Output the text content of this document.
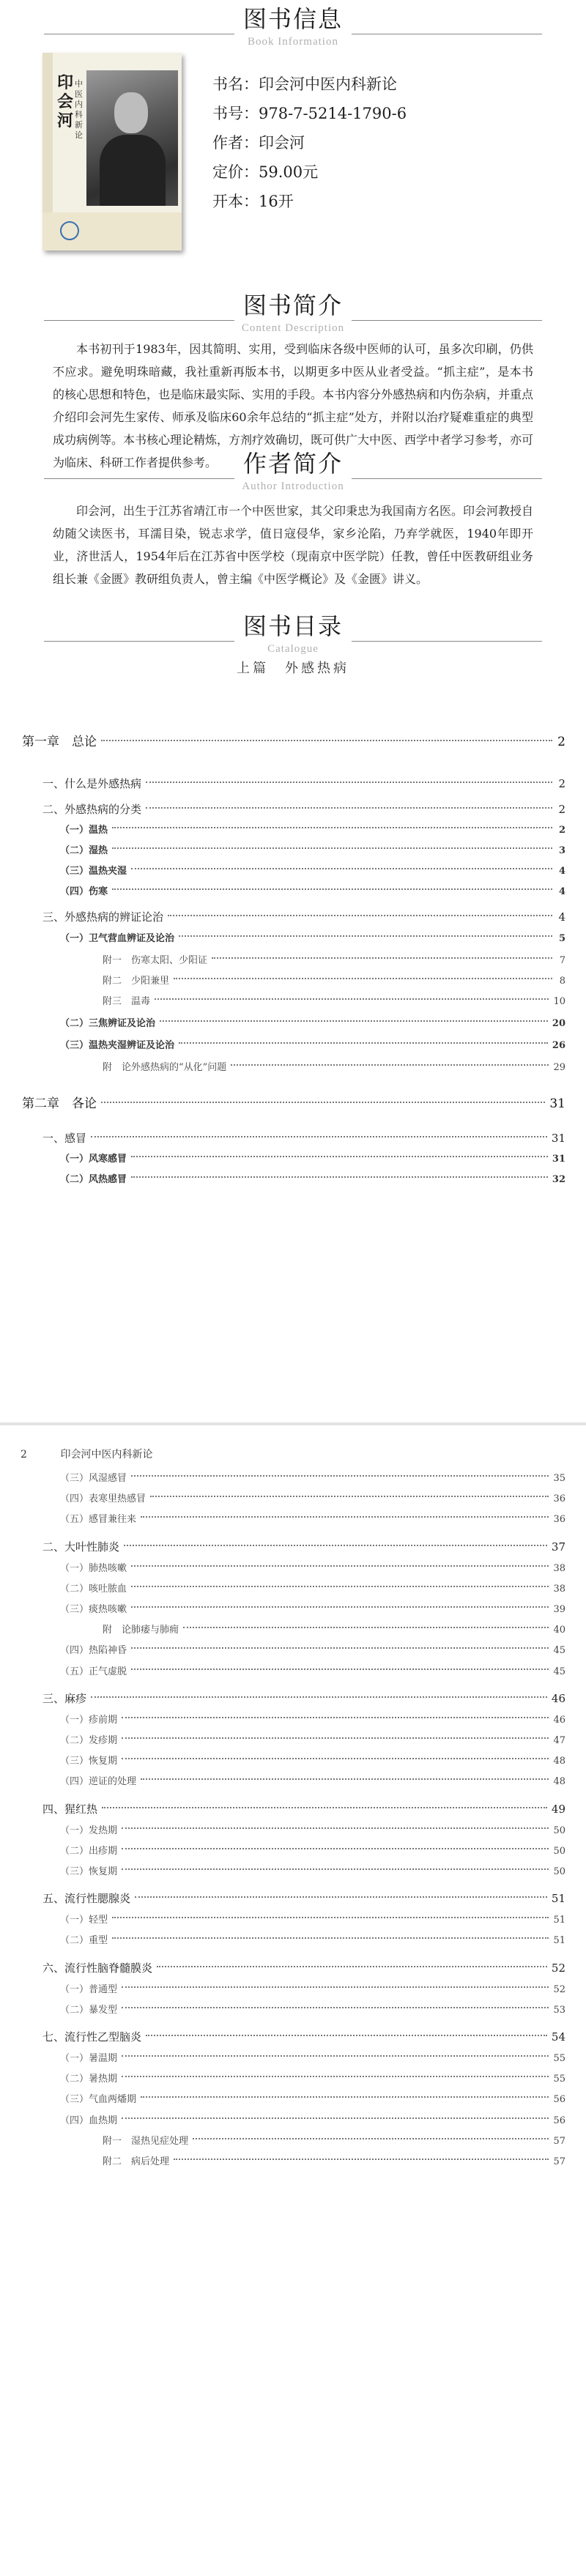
图书信息
Book Information
印会河
中医内科新论
书名：印会河中医内科新论
书号：978-7-5214-1790-6
作者：印会河
定价：59.00元
开本：16开
图书简介
Content Description
本书初刊于1983年，因其简明、实用，受到临床各级中医师的认可，虽多次印刷，仍供不应求。避免明珠暗藏，我社重新再版本书，以期更多中医从业者受益。“抓主症”，是本书的核心思想和特色，也是临床最实际、实用的手段。本书内容分外感热病和内伤杂病，并重点介绍印会河先生家传、师承及临床60余年总结的“抓主症”处方，并附以治疗疑难重症的典型成功病例等。本书核心理论精炼，方剂疗效确切，既可供广大中医、西学中者学习参考，亦可为临床、科研工作者提供参考。	作者简介
Author Introduction
印会河，出生于江苏省靖江市一个中医世家，其父印秉忠为我国南方名医。印会河教授自幼随父读医书，耳濡目染，锐志求学，值日寇侵华，家乡沦陷，乃弃学就医，1940年即开业，济世活人，1954年后在江苏省中医学校（现南京中医学院）任教，曾任中医教研组业务组长兼《金匮》教研组负责人，曾主编《中医学概论》及《金匮》讲义。
图书目录
Catalogue
上篇　外感热病
第一章　总论	2
一、什么是外感热病	2
二、外感热病的分类	2
（一）温热	2
（二）湿热	3
（三）温热夹湿	4
（四）伤寒	4
三、外感热病的辨证论治	4
（一）卫气营血辨证及论治	5
附一　伤寒太阳、少阳证	7
附二　少阳兼里	8
附三　温毒	10
（二）三焦辨证及论治	20
（三）温热夹湿辨证及论治	26
附　论外感热病的“从化”问题	29
第二章　各论	31
一、感冒	31
（一）风寒感冒	31
（二）风热感冒	32
（三）风湿感冒	35
（四）表寒里热感冒	36
（五）感冒兼往来	36
二、大叶性肺炎	37
（一）肺热咳嗽	38
（二）咳吐脓血	38
（三）痰热咳嗽	39
附　论肺痿与肺痈	40
（四）热陷神昏	45
（五）正气虚脱	45
三、麻疹	46
（一）疹前期	46
（二）发疹期	47
（三）恢复期	48
（四）逆证的处理	48
四、猩红热	49
（一）发热期	50
（二）出疹期	50
（三）恢复期	50
五、流行性腮腺炎	51
（一）轻型	51
（二）重型	51
六、流行性脑脊髓膜炎	52
（一）普通型	52
（二）暴发型	53
七、流行性乙型脑炎	54
（一）暑温期	55
（二）暑热期	55
（三）气血两燔期	56
（四）血热期	56
附一　湿热见症处理	57
附二　病后处理	57
2	印会河中医内科新论
